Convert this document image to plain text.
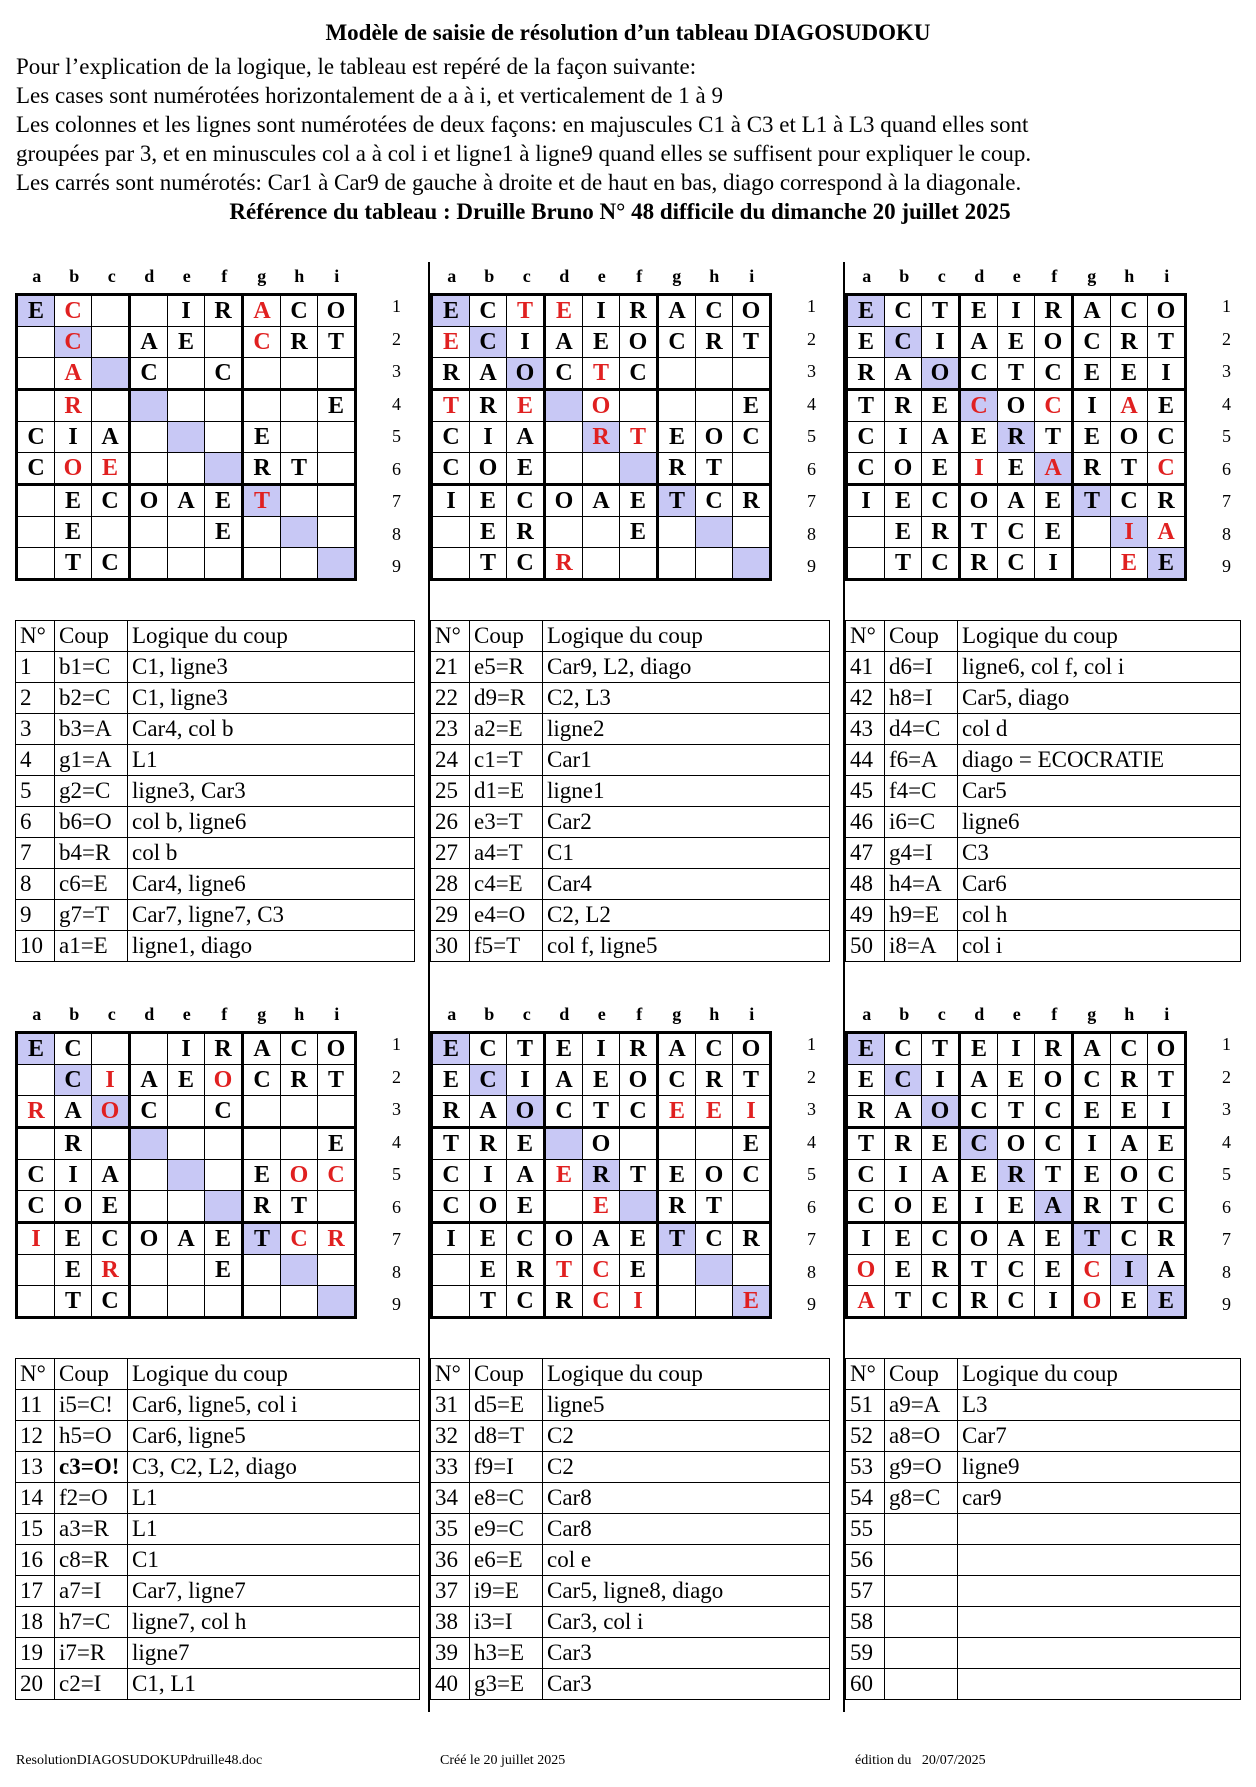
Modèle de saisie de résolution d’un tableau DIAGOSUDOKU
Pour l’explication de la logique, le tableau est repéré de la façon suivante:
Les cases sont numérotées horizontalement de a à i, et verticalement de 1 à 9
Les colonnes et les lignes sont numérotées de deux façons: en majuscules C1 à C3 et L1 à L3 quand elles sont
groupées par 3, et en minuscules col a à col i et ligne1 à ligne9 quand elles se suffisent pour expliquer le coup.
Les carrés sont numérotés: Car1 à Car9 de gauche à droite et de haut en bas, diago correspond à la diagonale.
Référence du tableau : Druille Bruno N° 48 difficile du dimanche 20 juillet 2025
a	b	c	d	e	f	g	h	i
E	C			I	R	A	C	O
	C		A	E		C	R	T
	A		C		C			
	R							E
C	I	A				E		
C	O	E				R	T	
	E	C	O	A	E	T		
	E				E			
	T	C						
1
2
3
4
5
6
7
8
9
N°	Coup	Logique du coup
1	b1=C	C1, ligne3
2	b2=C	C1, ligne3
3	b3=A	Car4, col b
4	g1=A	L1
5	g2=C	ligne3, Car3
6	b6=O	col b, ligne6
7	b4=R	col b
8	c6=E	Car4, ligne6
9	g7=T	Car7, ligne7, C3
10	a1=E	ligne1, diago
a	b	c	d	e	f	g	h	i
E	C	T	E	I	R	A	C	O
E	C	I	A	E	O	C	R	T
R	A	O	C	T	C			
T	R	E		O				E
C	I	A		R	T	E	O	C
C	O	E				R	T	
I	E	C	O	A	E	T	C	R
	E	R			E			
	T	C	R					
1
2
3
4
5
6
7
8
9
N°	Coup	Logique du coup
21	e5=R	Car9, L2, diago
22	d9=R	C2, L3
23	a2=E	ligne2
24	c1=T	Car1
25	d1=E	ligne1
26	e3=T	Car2
27	a4=T	C1
28	c4=E	Car4
29	e4=O	C2, L2
30	f5=T	col f, ligne5
a	b	c	d	e	f	g	h	i
E	C	T	E	I	R	A	C	O
E	C	I	A	E	O	C	R	T
R	A	O	C	T	C	E	E	I
T	R	E	C	O	C	I	A	E
C	I	A	E	R	T	E	O	C
C	O	E	I	E	A	R	T	C
I	E	C	O	A	E	T	C	R
	E	R	T	C	E		I	A
	T	C	R	C	I		E	E
1
2
3
4
5
6
7
8
9
N°	Coup	Logique du coup
41	d6=I	ligne6, col f, col i
42	h8=I	Car5, diago
43	d4=C	col d
44	f6=A	diago = ECOCRATIE
45	f4=C	Car5
46	i6=C	ligne6
47	g4=I	C3
48	h4=A	Car6
49	h9=E	col h
50	i8=A	col i
a	b	c	d	e	f	g	h	i
E	C			I	R	A	C	O
	C	I	A	E	O	C	R	T
R	A	O	C		C			
	R							E
C	I	A				E	O	C
C	O	E				R	T	
I	E	C	O	A	E	T	C	R
	E	R			E			
	T	C						
1
2
3
4
5
6
7
8
9
N°	Coup	Logique du coup
11	i5=C!	Car6, ligne5, col i
12	h5=O	Car6, ligne5
13	c3=O!	C3, C2, L2, diago
14	f2=O	L1
15	a3=R	L1
16	c8=R	C1
17	a7=I	Car7, ligne7
18	h7=C	ligne7, col h
19	i7=R	ligne7
20	c2=I	C1, L1
a	b	c	d	e	f	g	h	i
E	C	T	E	I	R	A	C	O
E	C	I	A	E	O	C	R	T
R	A	O	C	T	C	E	E	I
T	R	E		O				E
C	I	A	E	R	T	E	O	C
C	O	E		E		R	T	
I	E	C	O	A	E	T	C	R
	E	R	T	C	E			
	T	C	R	C	I			E
1
2
3
4
5
6
7
8
9
N°	Coup	Logique du coup
31	d5=E	ligne5
32	d8=T	C2
33	f9=I	C2
34	e8=C	Car8
35	e9=C	Car8
36	e6=E	col e
37	i9=E	Car5, ligne8, diago
38	i3=I	Car3, col i
39	h3=E	Car3
40	g3=E	Car3
a	b	c	d	e	f	g	h	i
E	C	T	E	I	R	A	C	O
E	C	I	A	E	O	C	R	T
R	A	O	C	T	C	E	E	I
T	R	E	C	O	C	I	A	E
C	I	A	E	R	T	E	O	C
C	O	E	I	E	A	R	T	C
I	E	C	O	A	E	T	C	R
O	E	R	T	C	E	C	I	A
A	T	C	R	C	I	O	E	E
1
2
3
4
5
6
7
8
9
N°	Coup	Logique du coup
51	a9=A	L3
52	a8=O	Car7
53	g9=O	ligne9
54	g8=C	car9
55		
56		
57		
58		
59		
60		
ResolutionDIAGOSUDOKUPdruille48.doc	Créé le 20 juillet 2025	édition du 20/07/2025
